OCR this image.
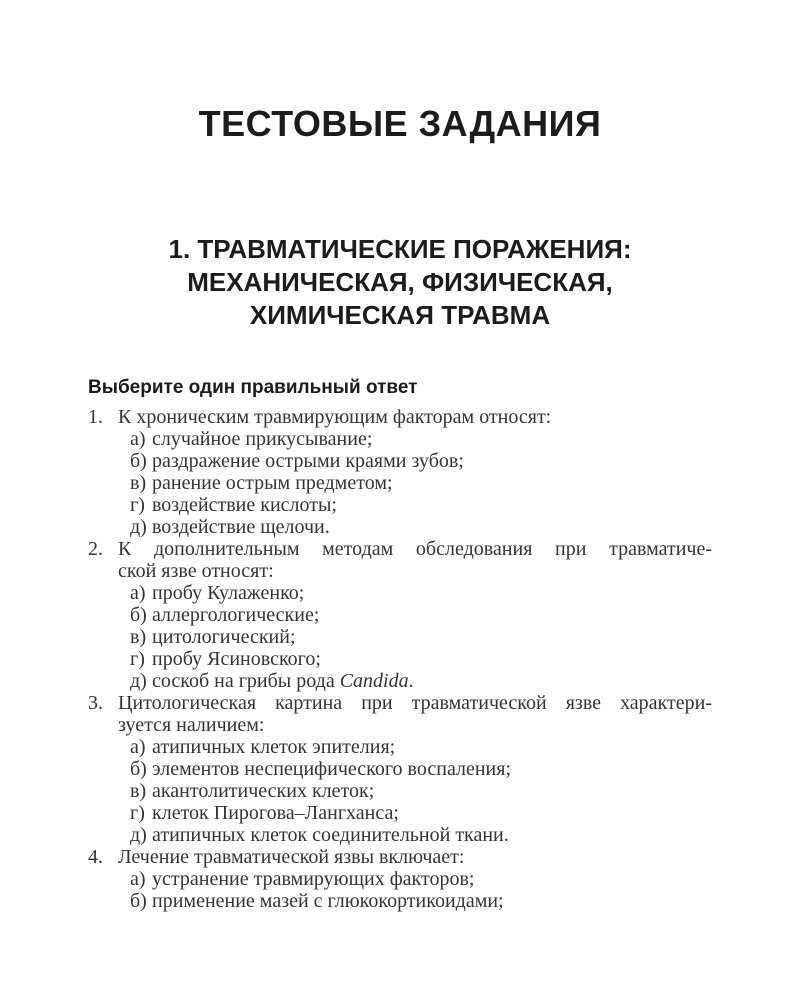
ТЕСТОВЫЕ ЗАДАНИЯ
1. ТРАВМАТИЧЕСКИЕ ПОРАЖЕНИЯ:
МЕХАНИЧЕСКАЯ, ФИЗИЧЕСКАЯ,
ХИМИЧЕСКАЯ ТРАВМА

Выберите один правильный ответ

1. К хроническим травмирующим факторам относят:
а) случайное прикусывание;
б) раздражение острыми краями зубов;
в) ранение острым предметом;
г) воздействие кислоты;
д) воздействие щелочи.
2. К дополнительным методам обследования при травматиче-
ской язве относят:
а) пробу Кулаженко;
б) аллергологические;
в) цитологический;
г) пробу Ясиновского;
д) соскоб на грибы рода Candida.
3. Цитологическая картина при травматической язве характери-
зуется наличием:
а) атипичных клеток эпителия;
б) элементов неспецифического воспаления;
в) акантолитических клеток;
г) клеток Пирогова–Лангханса;
д) атипичных клеток соединительной ткани.
4. Лечение травматической язвы включает:
а) устранение травмирующих факторов;
б) применение мазей с глюкокортикоидами;
